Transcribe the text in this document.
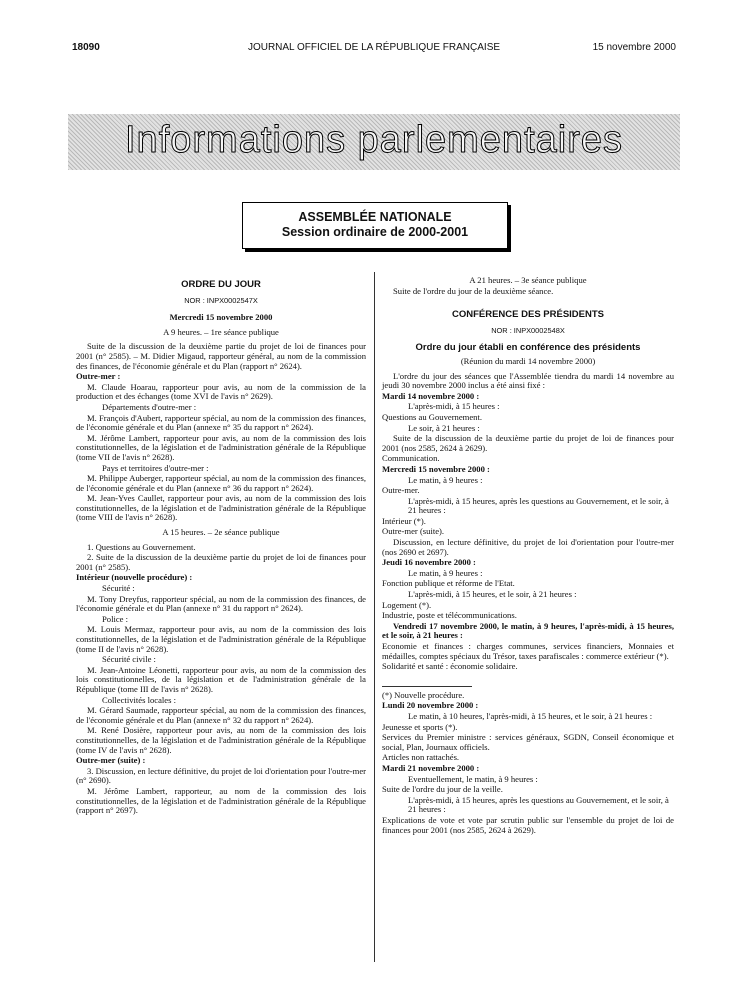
18090	JOURNAL OFFICIEL DE LA RÉPUBLIQUE FRANÇAISE	15 novembre 2000
Informations parlementaires
ASSEMBLÉE NATIONALE
Session ordinaire de 2000-2001
ORDRE DU JOUR
NOR : INPX0002547X
Mercredi 15 novembre 2000
A 9 heures. – 1re séance publique
Suite de la discussion de la deuxième partie du projet de loi de finances pour 2001 (n° 2585). – M. Didier Migaud, rapporteur général, au nom de la commission des finances, de l'économie générale et du Plan (rapport n° 2624).
Outre-mer :
M. Claude Hoarau, rapporteur pour avis, au nom de la commission de la production et des échanges (tome XVI de l'avis n° 2629).
Départements d'outre-mer :
M. François d'Aubert, rapporteur spécial, au nom de la commission des finances, de l'économie générale et du Plan (annexe n° 35 du rapport n° 2624).
M. Jérôme Lambert, rapporteur pour avis, au nom de la commission des lois constitutionnelles, de la législation et de l'administration générale de la République (tome VII de l'avis n° 2628).
Pays et territoires d'outre-mer :
M. Philippe Auberger, rapporteur spécial, au nom de la commission des finances, de l'économie générale et du Plan (annexe n° 36 du rapport n° 2624).
M. Jean-Yves Caullet, rapporteur pour avis, au nom de la commission des lois constitutionnelles, de la législation et de l'administration générale de la République (tome VIII de l'avis n° 2628).
A 15 heures. – 2e séance publique
1. Questions au Gouvernement.
2. Suite de la discussion de la deuxième partie du projet de loi de finances pour 2001 (n° 2585).
Intérieur (nouvelle procédure) :
Sécurité :
M. Tony Dreyfus, rapporteur spécial, au nom de la commission des finances, de l'économie générale et du Plan (annexe n° 31 du rapport n° 2624).
Police :
M. Louis Mermaz, rapporteur pour avis, au nom de la commission des lois constitutionnelles, de la législation et de l'administration générale de la République (tome II de l'avis n° 2628).
Sécurité civile :
M. Jean-Antoine Léonetti, rapporteur pour avis, au nom de la commission des lois constitutionnelles, de la législation et de l'administration générale de la République (tome III de l'avis n° 2628).
Collectivités locales :
M. Gérard Saumade, rapporteur spécial, au nom de la commission des finances, de l'économie générale et du Plan (annexe n° 32 du rapport n° 2624).
M. René Dosière, rapporteur pour avis, au nom de la commission des lois constitutionnelles, de la législation et de l'administration générale de la République (tome IV de l'avis n° 2628).
Outre-mer (suite) :
3. Discussion, en lecture définitive, du projet de loi d'orientation pour l'outre-mer (n° 2690).
M. Jérôme Lambert, rapporteur, au nom de la commission des lois constitutionnelles, de la législation et de l'administration générale de la République (rapport n° 2697).
A 21 heures. – 3e séance publique
Suite de l'ordre du jour de la deuxième séance.
CONFÉRENCE DES PRÉSIDENTS
NOR : INPX0002548X
Ordre du jour établi en conférence des présidents
(Réunion du mardi 14 novembre 2000)
L'ordre du jour des séances que l'Assemblée tiendra du mardi 14 novembre au jeudi 30 novembre 2000 inclus a été ainsi fixé :
Mardi 14 novembre 2000 :
L'après-midi, à 15 heures :
Questions au Gouvernement.
Le soir, à 21 heures :
Suite de la discussion de la deuxième partie du projet de loi de finances pour 2001 (nos 2585, 2624 à 2629).
Communication.
Mercredi 15 novembre 2000 :
Le matin, à 9 heures :
Outre-mer.
L'après-midi, à 15 heures, après les questions au Gouvernement, et le soir, à 21 heures :
Intérieur (*).
Outre-mer (suite).
Discussion, en lecture définitive, du projet de loi d'orientation pour l'outre-mer (nos 2690 et 2697).
Jeudi 16 novembre 2000 :
Le matin, à 9 heures :
Fonction publique et réforme de l'Etat.
L'après-midi, à 15 heures, et le soir, à 21 heures :
Logement (*).
Industrie, poste et télécommunications.
Vendredi 17 novembre 2000, le matin, à 9 heures, l'après-midi, à 15 heures, et le soir, à 21 heures :
Economie et finances : charges communes, services financiers, Monnaies et médailles, comptes spéciaux du Trésor, taxes parafiscales : commerce extérieur (*).
Solidarité et santé : économie solidaire.
(*) Nouvelle procédure.
Lundi 20 novembre 2000 :
Le matin, à 10 heures, l'après-midi, à 15 heures, et le soir, à 21 heures :
Jeunesse et sports (*).
Services du Premier ministre : services généraux, SGDN, Conseil économique et social, Plan, Journaux officiels.
Articles non rattachés.
Mardi 21 novembre 2000 :
Eventuellement, le matin, à 9 heures :
Suite de l'ordre du jour de la veille.
L'après-midi, à 15 heures, après les questions au Gouvernement, et le soir, à 21 heures :
Explications de vote et vote par scrutin public sur l'ensemble du projet de loi de finances pour 2001 (nos 2585, 2624 à 2629).
